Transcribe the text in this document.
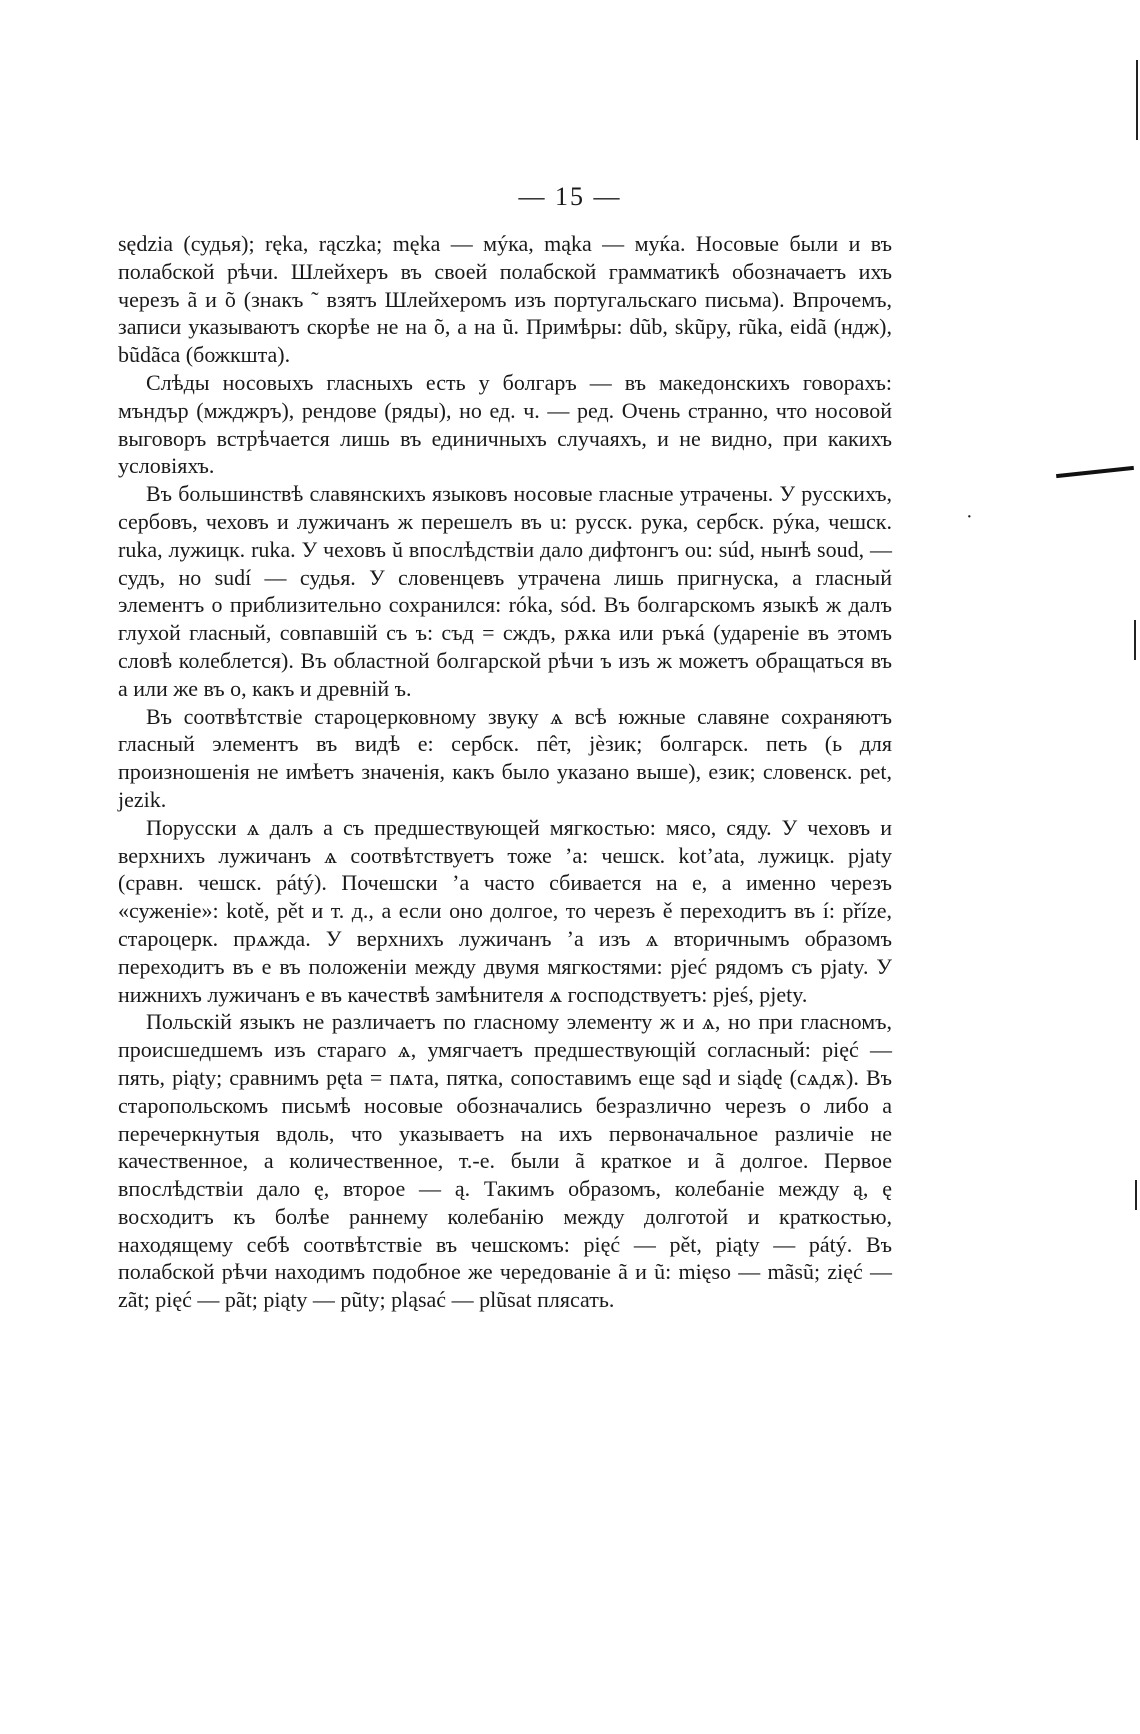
— 15 —

sędzia (судья); ręka, rączka; męka — мýка, mąka — муќа. Носовые были и въ полабской рѣчи. Шлейхеръ въ своей полабской грамматикѣ обозначаетъ ихъ черезъ ã и õ (знакъ ˜ взятъ Шлейхеромъ изъ португальскаго письма). Впрочемъ, записи указываютъ скорѣе не на õ, а на ũ. Примѣры: dũb, skũpy, rũka, eidã (ндж), bũdãca (божкшта).

Слѣды носовыхъ гласныхъ есть у болгаръ — въ македонскихъ говорахъ: мъндър (мжджръ), рендове (ряды), но ед. ч. — ред. Очень странно, что носовой выговоръ встрѣчается лишь въ единичныхъ случаяхъ, и не видно, при какихъ условіяхъ.

Въ большинствѣ славянскихъ языковъ носовые гласные утрачены. У русскихъ, сербовъ, чеховъ и лужичанъ ж перешелъ въ u: русск. рука, сербск. рýка, чешск. ruka, лужицк. ruka. У чеховъ ŭ впослѣдствіи дало дифтонгъ ou: súd, нынѣ soud, — судъ, но sudí — судья. У словенцевъ утрачена лишь пригнуска, а гласный элементъ o приблизительно сохранился: róka, sód. Въ болгарскомъ языкѣ ж далъ глухой гласный, совпавшій съ ъ: съд = сждъ, рѫка или ръкá (удареніе въ этомъ словѣ колеблется). Въ областной болгарской рѣчи ъ изъ ж можетъ обращаться въ а или же въ о, какъ и древній ъ.

Въ соотвѣтствіе староцерковному звуку ѧ всѣ южные славяне сохраняютъ гласный элементъ въ видѣ е: сербск. пêт, jèзик; болгарск. петь (ь для произношенія не имѣетъ значенія, какъ было указано выше), език; словенск. pet, jezik.

Порусски ѧ далъ а съ предшествующей мягкостью: мясо, сяду. У чеховъ и верхнихъ лужичанъ ѧ соотвѣтствуетъ тоже ’а: чешск. kot’ata, лужицк. pjaty (сравн. чешск. pátý). Почешски ’а часто сбивается на е, а именно черезъ «суженіе»: kotě, pět и т. д., а если оно долгое, то черезъ ě переходитъ въ í: příze, староцерк. прѧжда. У верхнихъ лужичанъ ’а изъ ѧ вторичнымъ образомъ переходитъ въ е въ положеніи между двумя мягкостями: pjeć рядомъ съ pjaty. У нижнихъ лужичанъ е въ качествѣ замѣнителя ѧ господствуетъ: pjeś, pjety.

Польскій языкъ не различаетъ по гласному элементу ж и ѧ, но при гласномъ, происшедшемъ изъ стараго ѧ, умягчаетъ предшествующій согласный: pięć — пять, piąty; сравнимъ pęta = пѧта, пятка, сопоставимъ еще sąd и siądę (сѧдѫ). Въ старопольскомъ письмѣ носовые обозначались безразлично черезъ о либо а перечеркнутыя вдоль, что указываетъ на ихъ первоначальное различіе не качественное, а количественное, т.-е. были ã краткое и ã долгое. Первое впослѣдствіи дало ę, второе — ą. Такимъ образомъ, колебаніе между ą, ę восходитъ къ болѣе раннему колебанію между долготой и краткостью, находящему себѣ соотвѣтствіе въ чешскомъ: pięć — pět, piąty — pátý. Въ полабской рѣчи находимъ подобное же чередованіе ã и ũ: mięso — mãsũ; zięć — zãt; pięć — pãt; piąty — pũty; pląsać — plũsat плясать.

·
